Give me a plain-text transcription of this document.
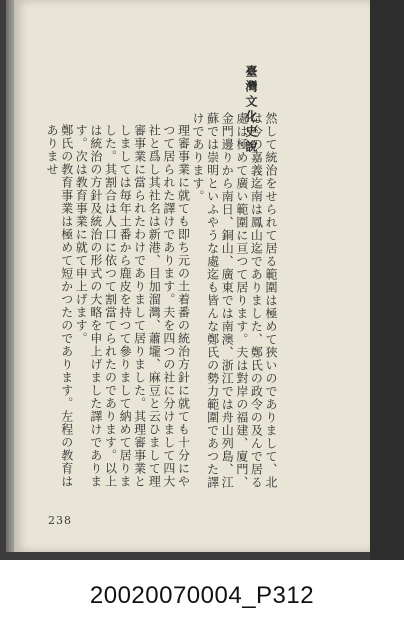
臺灣文化史說

然して統治をせられて居る範圍は極めて狹いのでありまして、北は今の嘉義迄南は鳳山迄でありました、鄭氏の政令の及んで居る處は極めて廣い範圍に亘つて居ります。夫は對岸の福建、廈門、金門邊りから南日、銅山、廣東では南澳、浙江では舟山列島、江蘇では崇明といふやうな處迄も皆んな鄭氏の勢力範圍であつた譯けであります。

理審事業に就ても即ち元の土着番の統治方針に就ても十分にやつて居られた譯けであります。夫を四つの社に分けまして四大社と爲し其社名は新港、目加溜灣、蕭壠、麻豆と云ひまして理審事業に當られたわけでありまして居りました。其理審事業としましては毎年土番から鹿皮を持つて參りまして納めて居りました。其割合は人口に依つて割當てられたのであります。以上は統治の方針及統治の形式の大略を申上げました譯けであります。次は教育事業に就て申上げます。

鄭氏の教育事業は極めて短かつたのであります。左程の教育はありませ

238
20020070004_P312
